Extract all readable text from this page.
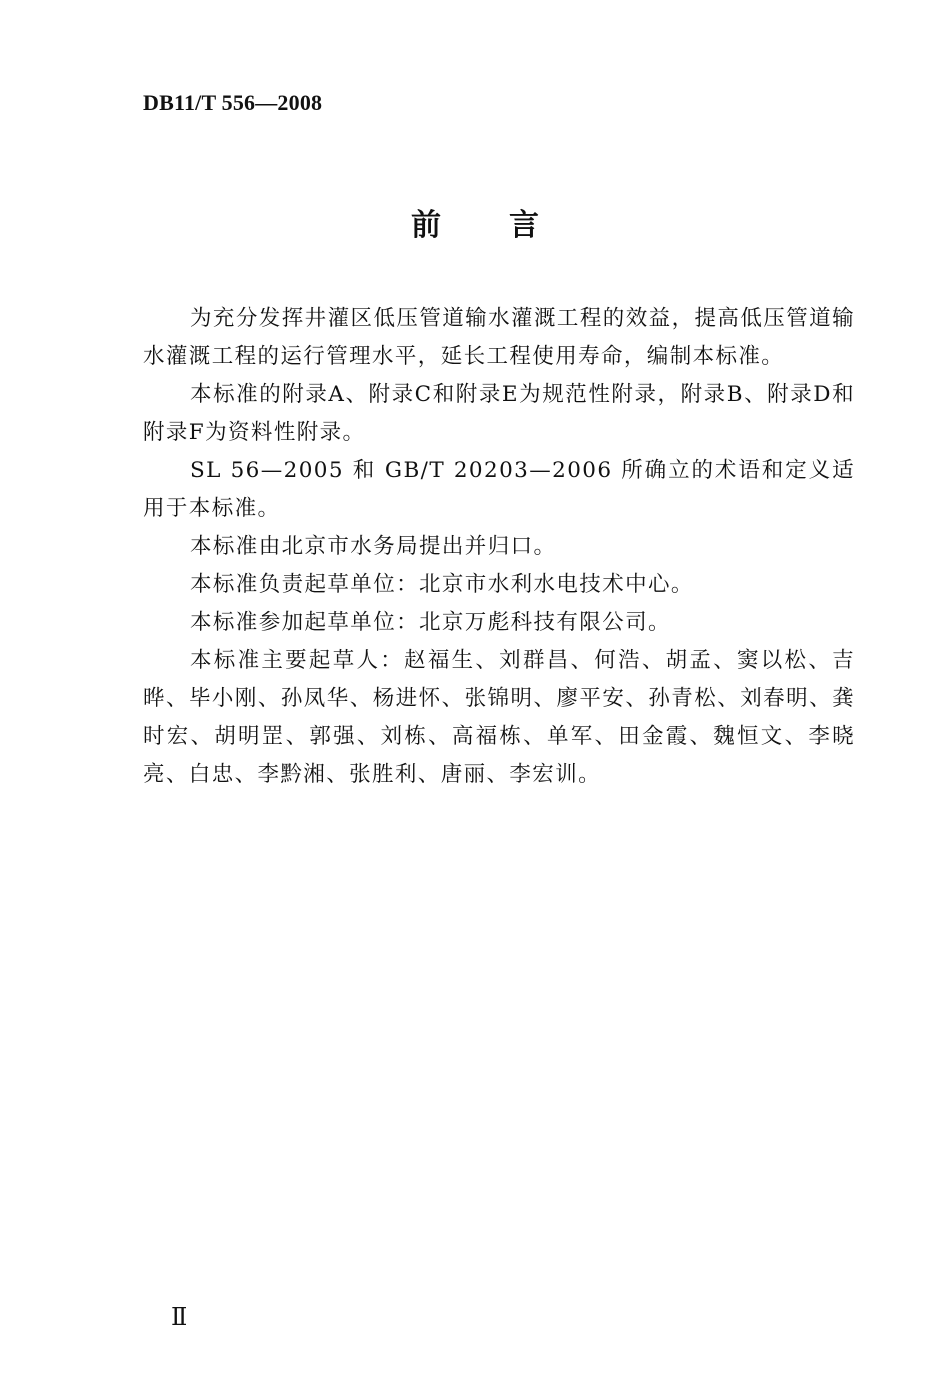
DB11/T 556—2008
前 言

为充分发挥井灌区低压管道输水灌溉工程的效益，提高低压管道输水灌溉工程的运行管理水平，延长工程使用寿命，编制本标准。

本标准的附录A、附录C和附录E为规范性附录，附录B、附录D和附录F为资料性附录。

SL 56—2005 和 GB/T 20203—2006 所确立的术语和定义适用于本标准。

本标准由北京市水务局提出并归口。

本标准负责起草单位：北京市水利水电技术中心。

本标准参加起草单位：北京万彪科技有限公司。

本标准主要起草人：赵福生、刘群昌、何浩、胡孟、窦以松、吉晔、毕小刚、孙凤华、杨进怀、张锦明、廖平安、孙青松、刘春明、龚时宏、胡明罡、郭强、刘栋、高福栋、单军、田金霞、魏恒文、李晓亮、白忠、李黔湘、张胜利、唐丽、李宏训。

Ⅱ
